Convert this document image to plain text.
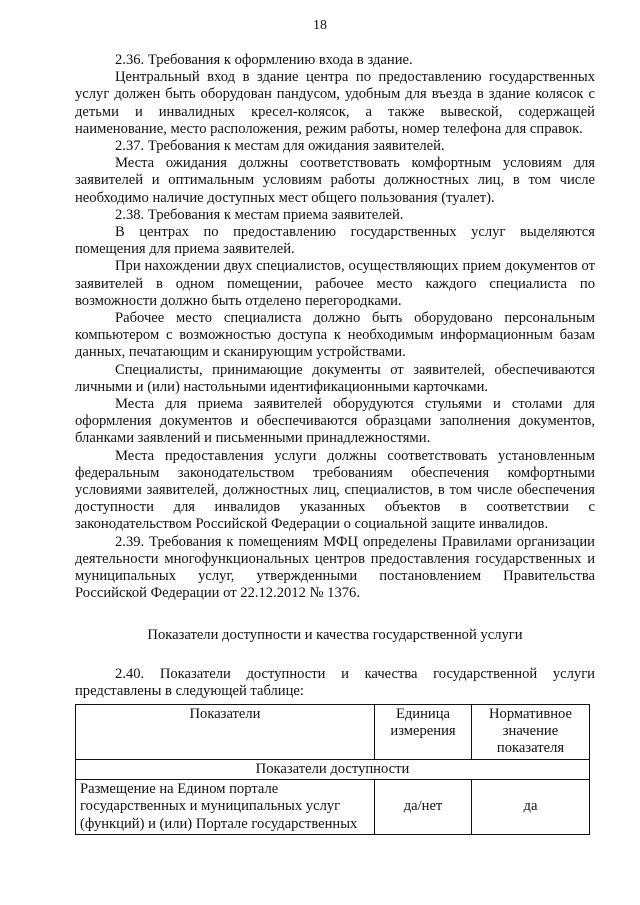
18

2.36. Требования к оформлению входа в здание.

Центральный вход в здание центра по предоставлению государственных услуг должен быть оборудован пандусом, удобным для въезда в здание колясок с детьми и инвалидных кресел-колясок, а также вывеской, содержащей наименование, место расположения, режим работы, номер телефона для справок.

2.37. Требования к местам для ожидания заявителей.

Места ожидания должны соответствовать комфортным условиям для заявителей и оптимальным условиям работы должностных лиц, в том числе необходимо наличие доступных мест общего пользования (туалет).

2.38. Требования к местам приема заявителей.

В центрах по предоставлению государственных услуг выделяются помещения для приема заявителей.

При нахождении двух специалистов, осуществляющих прием документов от заявителей в одном помещении, рабочее место каждого специалиста по возможности должно быть отделено перегородками.

Рабочее место специалиста должно быть оборудовано персональным компьютером с возможностью доступа к необходимым информационным базам данных, печатающим и сканирующим устройствами.

Специалисты, принимающие документы от заявителей, обеспечиваются личными и (или) настольными идентификационными карточками.

Места для приема заявителей оборудуются стульями и столами для оформления документов и обеспечиваются образцами заполнения документов, бланками заявлений и письменными принадлежностями.

Места предоставления услуги должны соответствовать установленным федеральным законодательством требованиям обеспечения комфортными условиями заявителей, должностных лиц, специалистов, в том числе обеспечения доступности для инвалидов указанных объектов в соответствии с законодательством Российской Федерации о социальной защите инвалидов.

2.39. Требования к помещениям МФЦ определены Правилами организации деятельности многофункциональных центров предоставления государственных и муниципальных услуг, утвержденными постановлением Правительства Российской Федерации от 22.12.2012 № 1376.

Показатели доступности и качества государственной услуги

2.40. Показатели доступности и качества государственной услуги представлены в следующей таблице:

Показатели	Единица измерения	Нормативное значение показателя
Показатели доступности		
Размещение на Едином портале государственных и муниципальных услуг (функций) и (или) Портале государственных	да/нет	да
